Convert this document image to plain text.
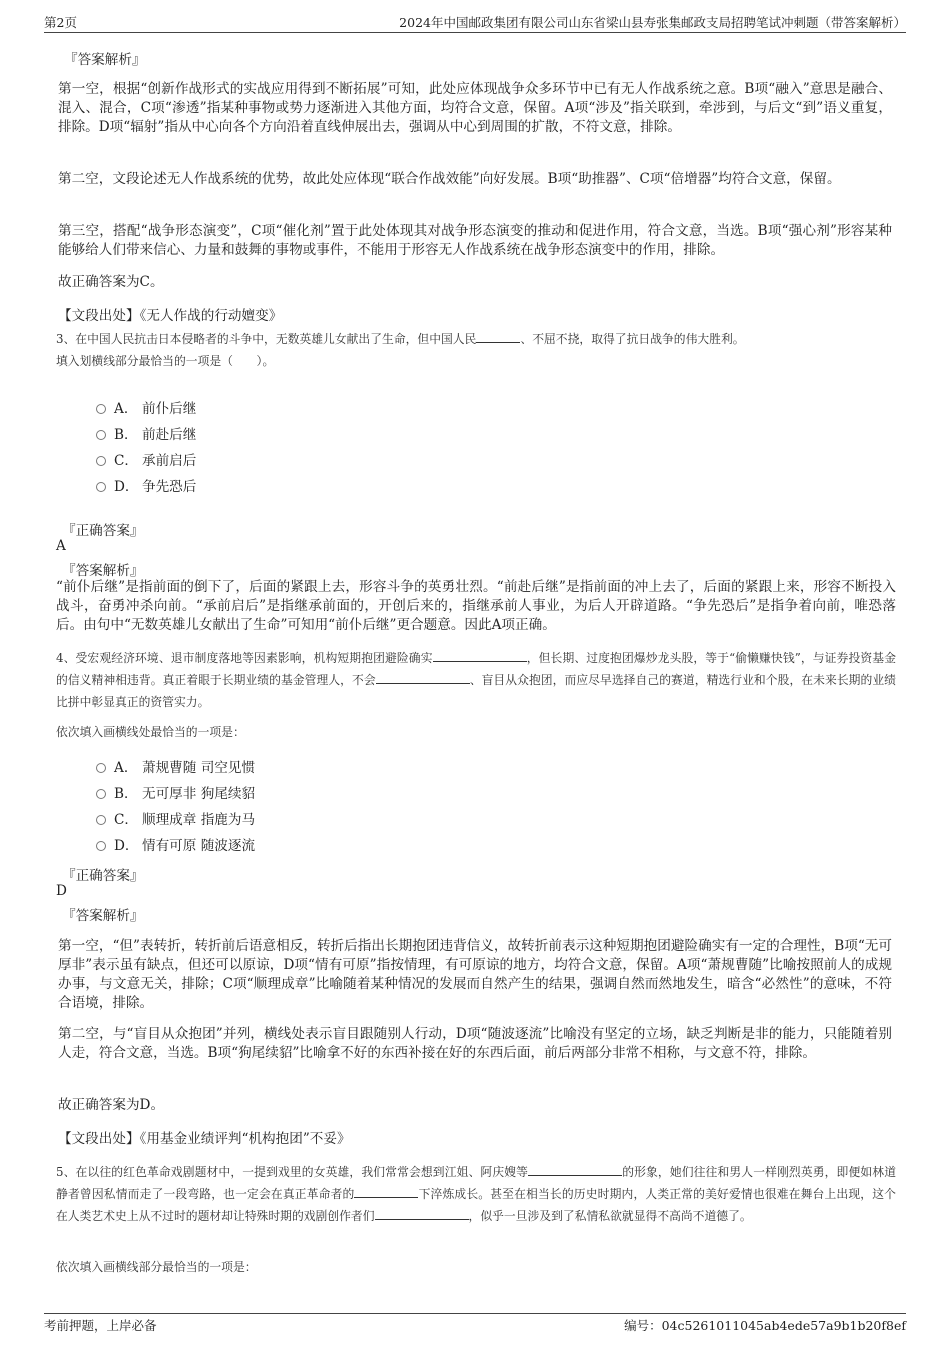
第2页	2024年中国邮政集团有限公司山东省梁山县寿张集邮政支局招聘笔试冲刺题（带答案解析）
『答案解析』
第一空，根据“创新作战形式的实战应用得到不断拓展”可知，此处应体现战争众多环节中已有无人作战系统之意。B项“融入”意思是融合、混入、混合，C项“渗透”指某种事物或势力逐渐进入其他方面，均符合文意，保留。A项“涉及”指关联到，牵涉到，与后文“到”语义重复，排除。D项“辐射”指从中心向各个方向沿着直线伸展出去，强调从中心到周围的扩散，不符文意，排除。
第二空，文段论述无人作战系统的优势，故此处应体现“联合作战效能”向好发展。B项“助推器”、C项“倍增器”均符合文意，保留。
第三空，搭配“战争形态演变”，C项“催化剂”置于此处体现其对战争形态演变的推动和促进作用，符合文意，当选。B项“强心剂”形容某种能够给人们带来信心、力量和鼓舞的事物或事件，不能用于形容无人作战系统在战争形态演变中的作用，排除。
故正确答案为C。
【文段出处】《无人作战的行动嬗变》
3、在中国人民抗击日本侵略者的斗争中，无数英雄儿女献出了生命，但中国人民	、不屈不挠，取得了抗日战争的伟大胜利。
填入划横线部分最恰当的一项是（　　）。
A． 前仆后继
B． 前赴后继
C． 承前启后
D． 争先恐后
『正确答案』
A
『答案解析』
“前仆后继”是指前面的倒下了，后面的紧跟上去，形容斗争的英勇壮烈。“前赴后继”是指前面的冲上去了，后面的紧跟上来，形容不断投入战斗，奋勇冲杀向前。“承前启后”是指继承前面的，开创后来的，指继承前人事业，为后人开辟道路。“争先恐后”是指争着向前，唯恐落后。由句中“无数英雄儿女献出了生命”可知用“前仆后继”更合题意。因此A项正确。
4、受宏观经济环境、退市制度落地等因素影响，机构短期抱团避险确实	，但长期、过度抱团爆炒龙头股，等于“偷懒赚快钱”，与证券投资基金的信义精神相违背。真正着眼于长期业绩的基金管理人，不会	、盲目从众抱团，而应尽早选择自己的赛道，精选行业和个股，在未来长期的业绩比拼中彰显真正的资管实力。
依次填入画横线处最恰当的一项是：
A． 萧规曹随 司空见惯
B． 无可厚非 狗尾续貂
C． 顺理成章 指鹿为马
D． 情有可原 随波逐流
『正确答案』
D
『答案解析』
第一空，“但”表转折，转折前后语意相反，转折后指出长期抱团违背信义，故转折前表示这种短期抱团避险确实有一定的合理性，B项“无可厚非”表示虽有缺点，但还可以原谅，D项“情有可原”指按情理，有可原谅的地方，均符合文意，保留。A项“萧规曹随”比喻按照前人的成规办事，与文意无关，排除；C项“顺理成章”比喻随着某种情况的发展而自然产生的结果，强调自然而然地发生，暗含“必然性”的意味，不符合语境，排除。
第二空，与“盲目从众抱团”并列，横线处表示盲目跟随别人行动，D项“随波逐流”比喻没有坚定的立场，缺乏判断是非的能力，只能随着别人走，符合文意，当选。B项“狗尾续貂”比喻拿不好的东西补接在好的东西后面，前后两部分非常不相称，与文意不符，排除。
故正确答案为D。
【文段出处】《用基金业绩评判“机构抱团”不妥》
5、在以往的红色革命戏剧题材中，一提到戏里的女英雄，我们常常会想到江姐、阿庆嫂等	的形象，她们往往和男人一样刚烈英勇，即便如林道静者曾因私情而走了一段弯路，也一定会在真正革命者的	下淬炼成长。甚至在相当长的历史时期内，人类正常的美好爱情也很难在舞台上出现，这个在人类艺术史上从不过时的题材却让特殊时期的戏剧创作者们	，似乎一旦涉及到了私情私欲就显得不高尚不道德了。
依次填入画横线部分最恰当的一项是：
考前押题，上岸必备	编号：04c5261011045ab4ede57a9b1b20f8ef
